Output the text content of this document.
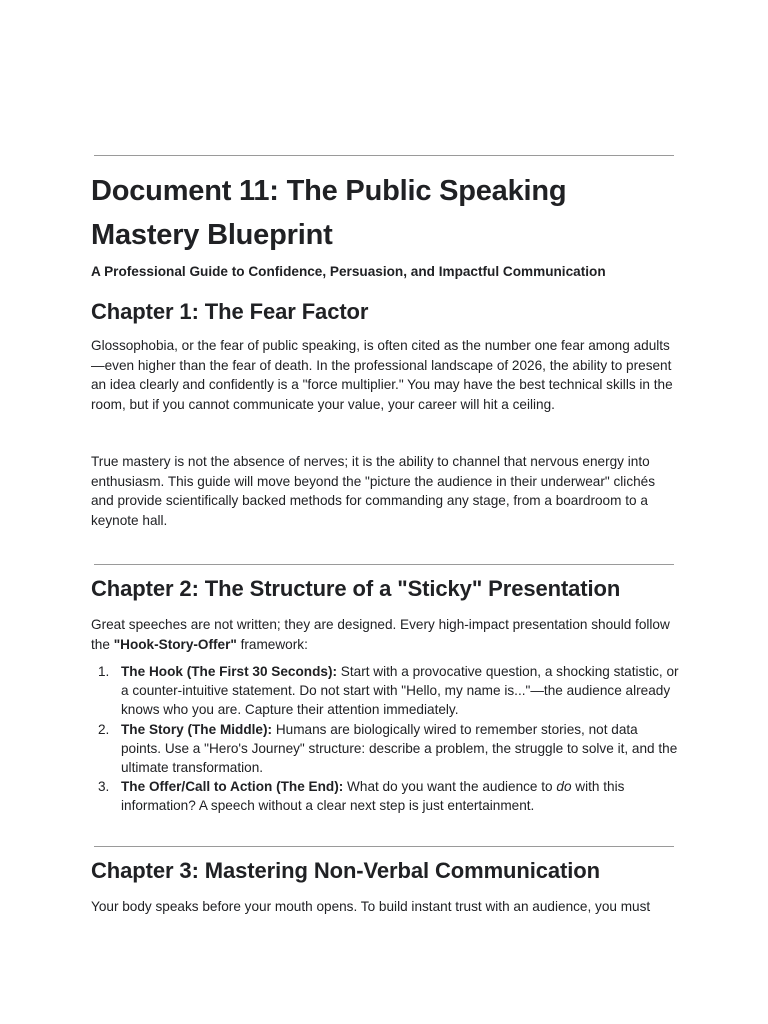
Document 11: The Public Speaking Mastery Blueprint

A Professional Guide to Confidence, Persuasion, and Impactful Communication

Chapter 1: The Fear Factor

Glossophobia, or the fear of public speaking, is often cited as the number one fear among adults—even higher than the fear of death. In the professional landscape of 2026, the ability to present an idea clearly and confidently is a "force multiplier." You may have the best technical skills in the room, but if you cannot communicate your value, your career will hit a ceiling.

True mastery is not the absence of nerves; it is the ability to channel that nervous energy into enthusiasm. This guide will move beyond the "picture the audience in their underwear" clichés and provide scientifically backed methods for commanding any stage, from a boardroom to a keynote hall.

Chapter 2: The Structure of a "Sticky" Presentation

Great speeches are not written; they are designed. Every high-impact presentation should follow the "Hook-Story-Offer" framework:

1. The Hook (The First 30 Seconds): Start with a provocative question, a shocking statistic, or a counter-intuitive statement. Do not start with "Hello, my name is..."—the audience already knows who you are. Capture their attention immediately.
2. The Story (The Middle): Humans are biologically wired to remember stories, not data points. Use a "Hero's Journey" structure: describe a problem, the struggle to solve it, and the ultimate transformation.
3. The Offer/Call to Action (The End): What do you want the audience to do with this information? A speech without a clear next step is just entertainment.
Chapter 3: Mastering Non-Verbal Communication

Your body speaks before your mouth opens. To build instant trust with an audience, you must
